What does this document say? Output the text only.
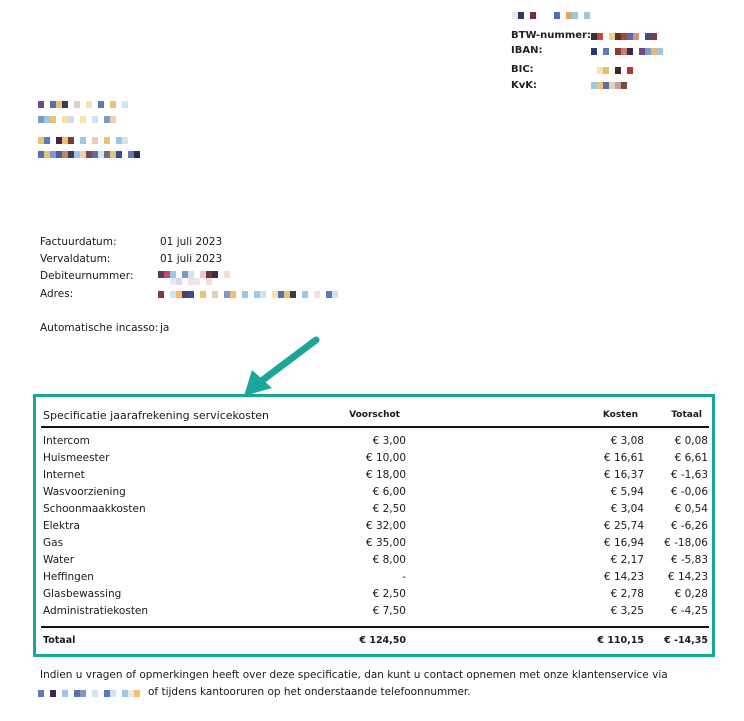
BTW-nummer:
IBAN:
BIC:
KvK:
Factuurdatum:	01 juli 2023
Vervaldatum:	01 juli 2023
Debiteurnummer:
Adres:
Automatische incasso: ja
Specificatie jaarafrekening servicekosten	Voorschot	Kosten	Totaal
Intercom	€ 3,00	€ 3,08	€ 0,08
Huismeester	€ 10,00	€ 16,61	€ 6,61
Internet	€ 18,00	€ 16,37	€ -1,63
Wasvoorziening	€ 6,00	€ 5,94	€ -0,06
Schoonmaakkosten	€ 2,50	€ 3,04	€ 0,54
Elektra	€ 32,00	€ 25,74	€ -6,26
Gas	€ 35,00	€ 16,94 € -18,06
Water	€ 8,00	€ 2,17	€ -5,83
Heffingen	-	€ 14,23 € 14,23
Glasbewassing	€ 2,50	€ 2,78	€ 0,28
Administratiekosten	€ 7,50	€ 3,25	€ -4,25
Totaal	€ 124,50	€ 110,15 € -14,35
Indien u vragen of opmerkingen heeft over deze specificatie, dan kunt u contact opnemen met onze klantenservice via
of tijdens kantooruren op het onderstaande telefoonnummer.
